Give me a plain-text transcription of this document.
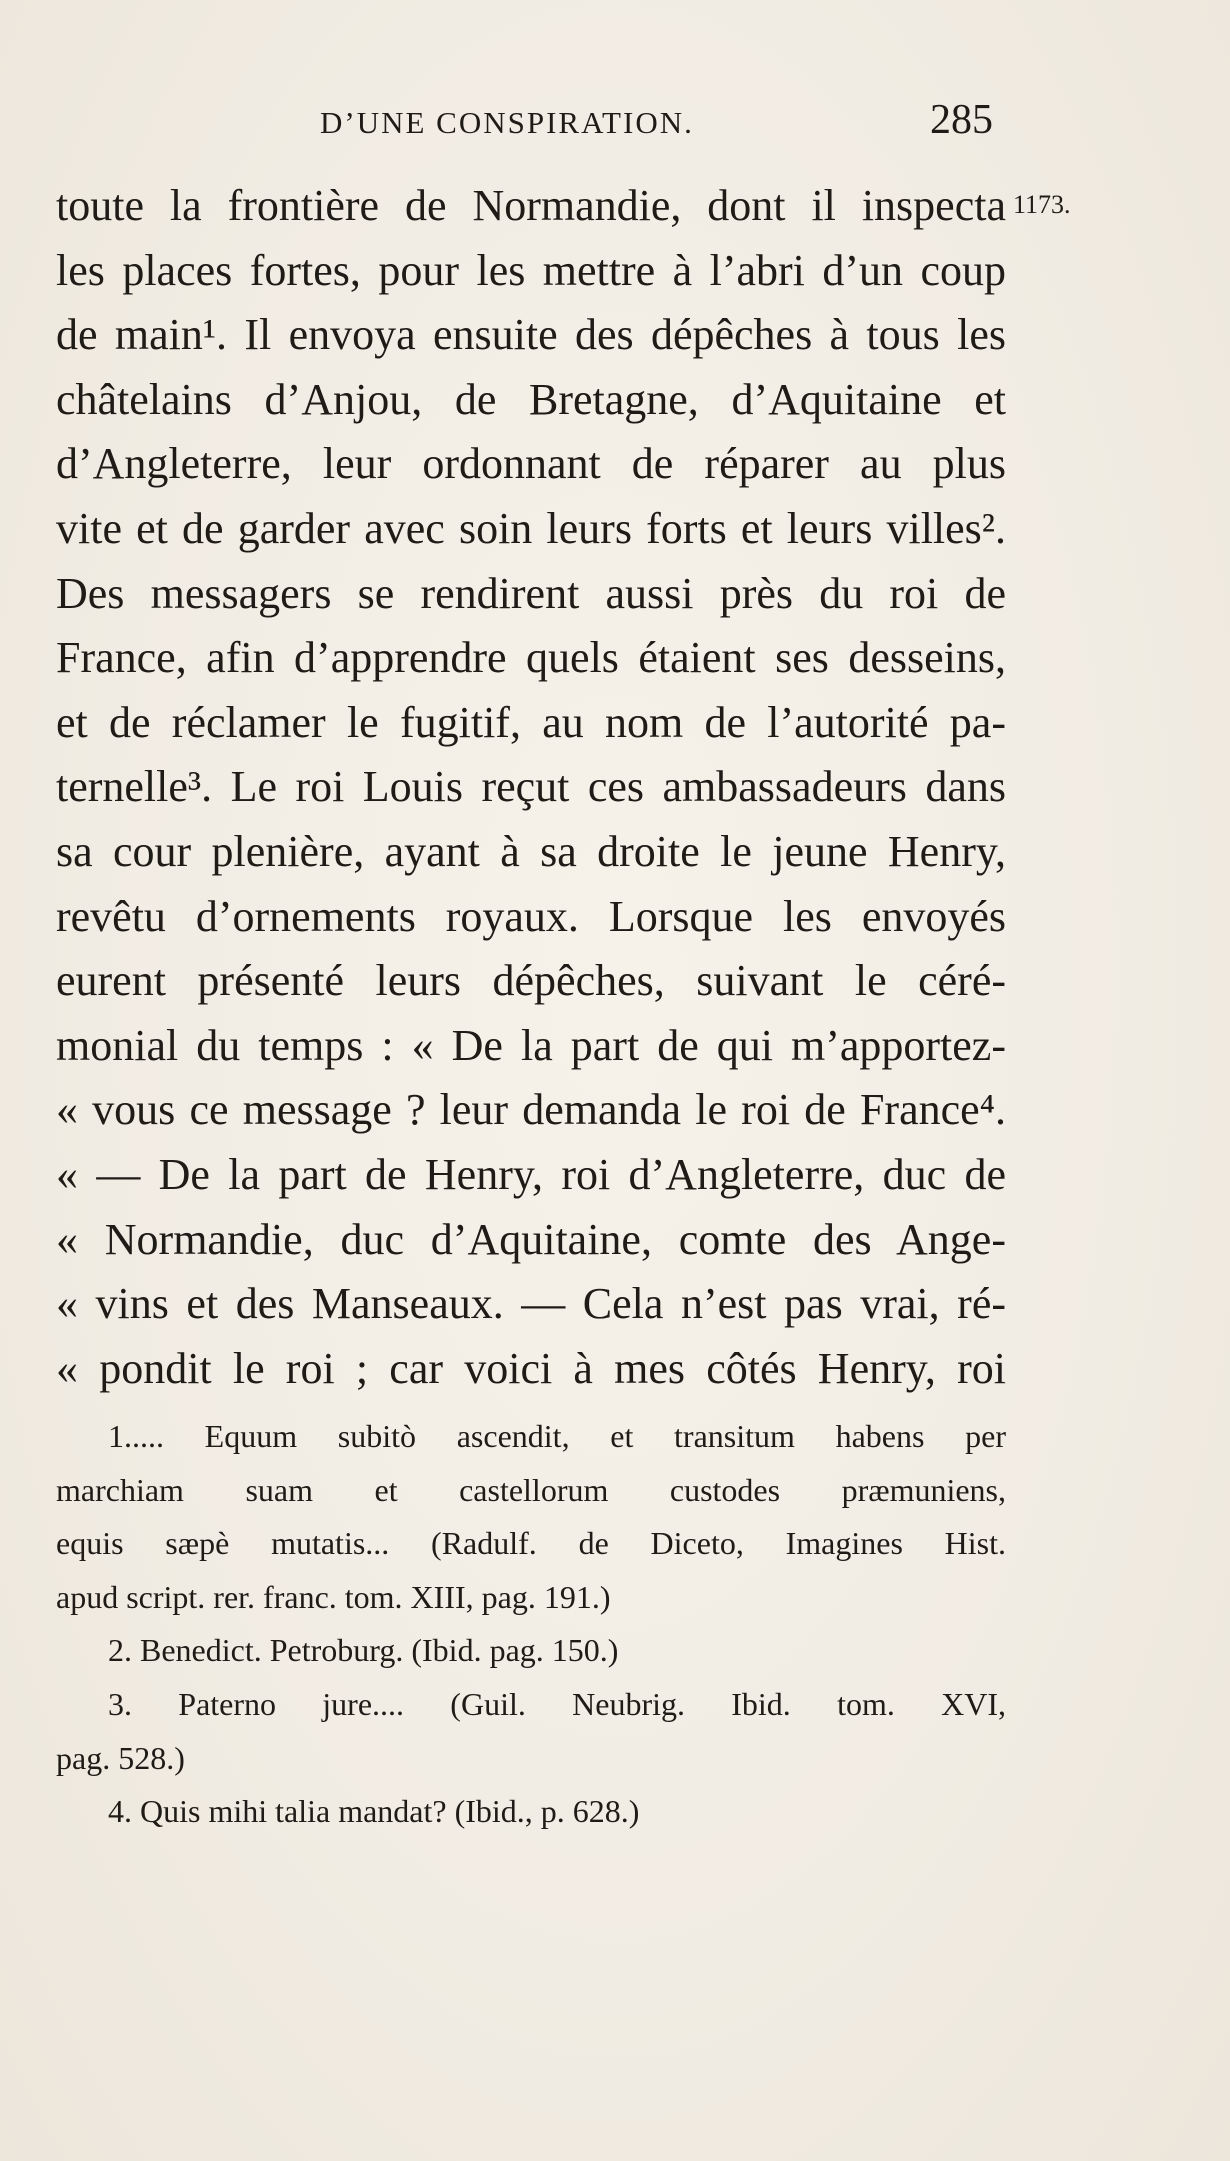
D’UNE CONSPIRATION.	285
1173.
toute la frontière de Normandie, dont il inspecta
les places fortes, pour les mettre à l’abri d’un coup
de main¹. Il envoya ensuite des dépêches à tous les
châtelains d’Anjou, de Bretagne, d’Aquitaine et
d’Angleterre, leur ordonnant de réparer au plus
vite et de garder avec soin leurs forts et leurs villes².
Des messagers se rendirent aussi près du roi de
France, afin d’apprendre quels étaient ses desseins,
et de réclamer le fugitif, au nom de l’autorité pa-
ternelle³. Le roi Louis reçut ces ambassadeurs dans
sa cour plenière, ayant à sa droite le jeune Henry,
revêtu d’ornements royaux. Lorsque les envoyés
eurent présenté leurs dépêches, suivant le céré-
monial du temps : « De la part de qui m’apportez-
« vous ce message ? leur demanda le roi de France⁴.
« — De la part de Henry, roi d’Angleterre, duc de
« Normandie, duc d’Aquitaine, comte des Ange-
« vins et des Manseaux. — Cela n’est pas vrai, ré-
« pondit le roi ; car voici à mes côtés Henry, roi
1..... Equum subitò ascendit, et transitum habens per
marchiam suam et castellorum custodes præmuniens,
equis sæpè mutatis... (Radulf. de Diceto, Imagines Hist.
apud script. rer. franc. tom. XIII, pag. 191.)
2. Benedict. Petroburg. (Ibid. pag. 150.)
3. Paterno jure.... (Guil. Neubrig. Ibid. tom. XVI,
pag. 528.)
4. Quis mihi talia mandat? (Ibid., p. 628.)
